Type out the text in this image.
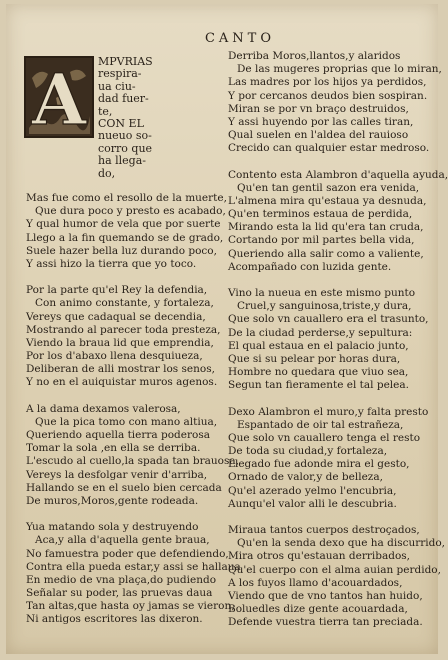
CANTO
A MPVRIAS
respira-
ua ciu-
dad fuer-
te,
CON EL
nueuo so-
corro que
ha llega-
do,
Mas fue como el resollo de la muerte,
Que dura poco y presto es acabado,
Y qual humor de vela que por suerte
Llego a la fin quemando se de grado,
Suele hazer bella luz durando poco,
Y assi hizo la tierra que yo toco.
Por la parte qu'el Rey la defendia,
Con animo constante, y fortaleza,
Vereys que cadaqual se decendia,
Mostrando al parecer toda presteza,
Viendo la braua lid que emprendia,
Por los d'abaxo llena desquiueza,
Deliberan de alli mostrar los senos,
Y no en el auiquistar muros agenos.
A la dama dexamos valerosa,
Que la pica tomo con mano altiua,
Queriendo aquella tierra poderosa
Tomar la sola ,en ella se derriba.
L'escudo al cuello,la spada tan brauosa,
Vereys la desfolgar venir d'arriba,
Hallando se en el suelo bien cercada
De muros,Moros,gente rodeada.
Yua matando sola y destruyendo
Aca,y alla d'aquella gente braua,
No famuestra poder que defendiendo,
Contra ella pueda estar,y assi se hallaua
En medio de vna plaça,do pudiendo
Señalar su poder, las pruevas daua
Tan altas,que hasta oy jamas se vieron,
Ni antigos escritores las dixeron.
Derriba Moros,llantos,y alaridos
De las mugeres proprias que lo miran,
Las madres por los hijos ya perdidos,
Y por cercanos deudos bien sospiran.
Miran se por vn braço destruidos,
Y assi huyendo por las calles tiran,
Qual suelen en l'aldea del rauioso
Crecido can qualquier estar medroso.
Contento esta Alambron d'aquella ayuda,
Qu'en tan gentil sazon era venida,
L'almena mira qu'estaua ya desnuda,
Qu'en terminos estaua de perdida,
Mirando esta la lid qu'era tan cruda,
Cortando por mil partes bella vida,
Queriendo alla salir como a valiente,
Acompañado con luzida gente.
Vino la nueua en este mismo punto
Cruel,y sanguinosa,triste,y dura,
Que solo vn cauallero era el trasunto,
De la ciudad perderse,y sepultura:
El qual estaua en el palacio junto,
Que si su pelear por horas dura,
Hombre no quedara que viuo sea,
Segun tan fieramente el tal pelea.
Dexo Alambron el muro,y falta presto
Espantado de oir tal estrañeza,
Que solo vn cauallero tenga el resto
De toda su ciudad,y fortaleza,
Llegado fue adonde mira el gesto,
Ornado de valor,y de belleza,
Qu'el azerado yelmo l'encubria,
Aunqu'el valor alli le descubria.
Miraua tantos cuerpos destroçados,
Qu'en la senda dexo que ha discurrido,
Mira otros qu'estauan derribados,
Qu'el cuerpo con el alma auian perdido,
A los fuyos llamo d'acouardados,
Viendo que de vno tantos han huido,
Boluedles dize gente acouardada,
Defende vuestra tierra tan preciada.
